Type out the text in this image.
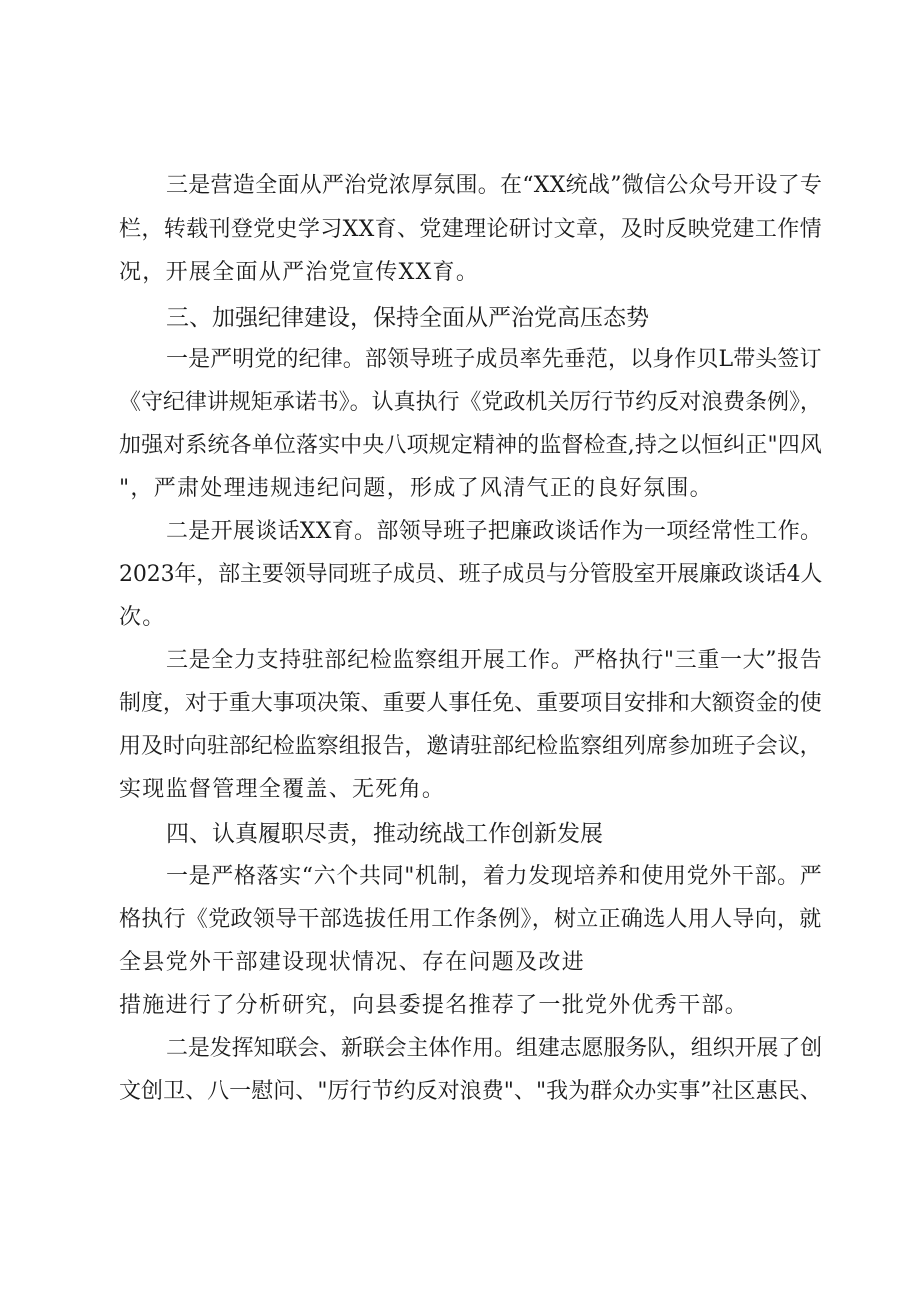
三是营造全面从严治党浓厚氛围。在“XX统战”微信公众号开设了专
栏，转载刊登党史学习XX育、党建理论研讨文章，及时反映党建工作情
况，开展全面从严治党宣传XX育。
三、加强纪律建设，保持全面从严治党高压态势
一是严明党的纪律。部领导班子成员率先垂范，以身作贝L带头签订
《守纪律讲规矩承诺书》。认真执行《党政机关厉行节约反对浪费条例》，
加强对系统各单位落实中央八项规定精神的监督检查,持之以恒纠正"四风
"，严肃处理违规违纪问题，形成了风清气正的良好氛围。
二是开展谈话XX育。部领导班子把廉政谈话作为一项经常性工作。
2023年，部主要领导同班子成员、班子成员与分管股室开展廉政谈话4人
次。
三是全力支持驻部纪检监察组开展工作。严格执行"三重一大”报告
制度，对于重大事项决策、重要人事任免、重要项目安排和大额资金的使
用及时向驻部纪检监察组报告，邀请驻部纪检监察组列席参加班子会议，
实现监督管理全覆盖、无死角。
四、认真履职尽责，推动统战工作创新发展
一是严格落实“六个共同"机制，着力发现培养和使用党外干部。严
格执行《党政领导干部选拔任用工作条例》，树立正确选人用人导向，就
全县党外干部建设现状情况、存在问题及改进
措施进行了分析研究，向县委提名推荐了一批党外优秀干部。
二是发挥知联会、新联会主体作用。组建志愿服务队，组织开展了创
文创卫、八一慰问、"厉行节约反对浪费"、"我为群众办实事”社区惠民、
